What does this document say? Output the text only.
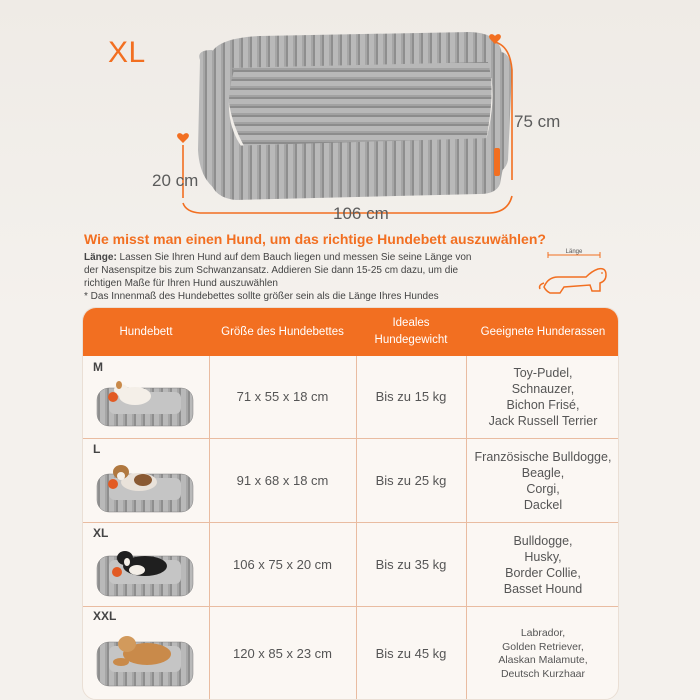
XL
106 cm
75 cm
20 cm
Wie misst man einen Hund, um das richtige Hundebett auszuwählen?
Länge: Lassen Sie Ihren Hund auf dem Bauch liegen und messen Sie seine Länge von der Nasenspitze bis zum Schwanzansatz. Addieren Sie dann 15-25 cm dazu, um die richtigen Maße für Ihren Hund auszuwählen
* Das Innenmaß des Hundebettes sollte größer sein als die Länge Ihres Hundes
Länge
Hundebett	Größe des Hundebettes
Ideales Hundegewicht
Geeignete Hunderassen
M
71 x 55 x 18 cm	Bis zu 15 kg
Toy-Pudel,
Schnauzer,
Bichon Frisé,
Jack Russell Terrier
L
91 x 68 x 18 cm	Bis zu 25 kg
Französische Bulldogge,
Beagle,
Corgi,
Dackel
XL
106 x 75 x 20 cm	Bis zu 35 kg
Bulldogge,
Husky,
Border Collie,
Basset Hound
XXL
120 x 85 x 23 cm	Bis zu 45 kg
Labrador,
Golden Retriever,
Alaskan Malamute,
Deutsch Kurzhaar
